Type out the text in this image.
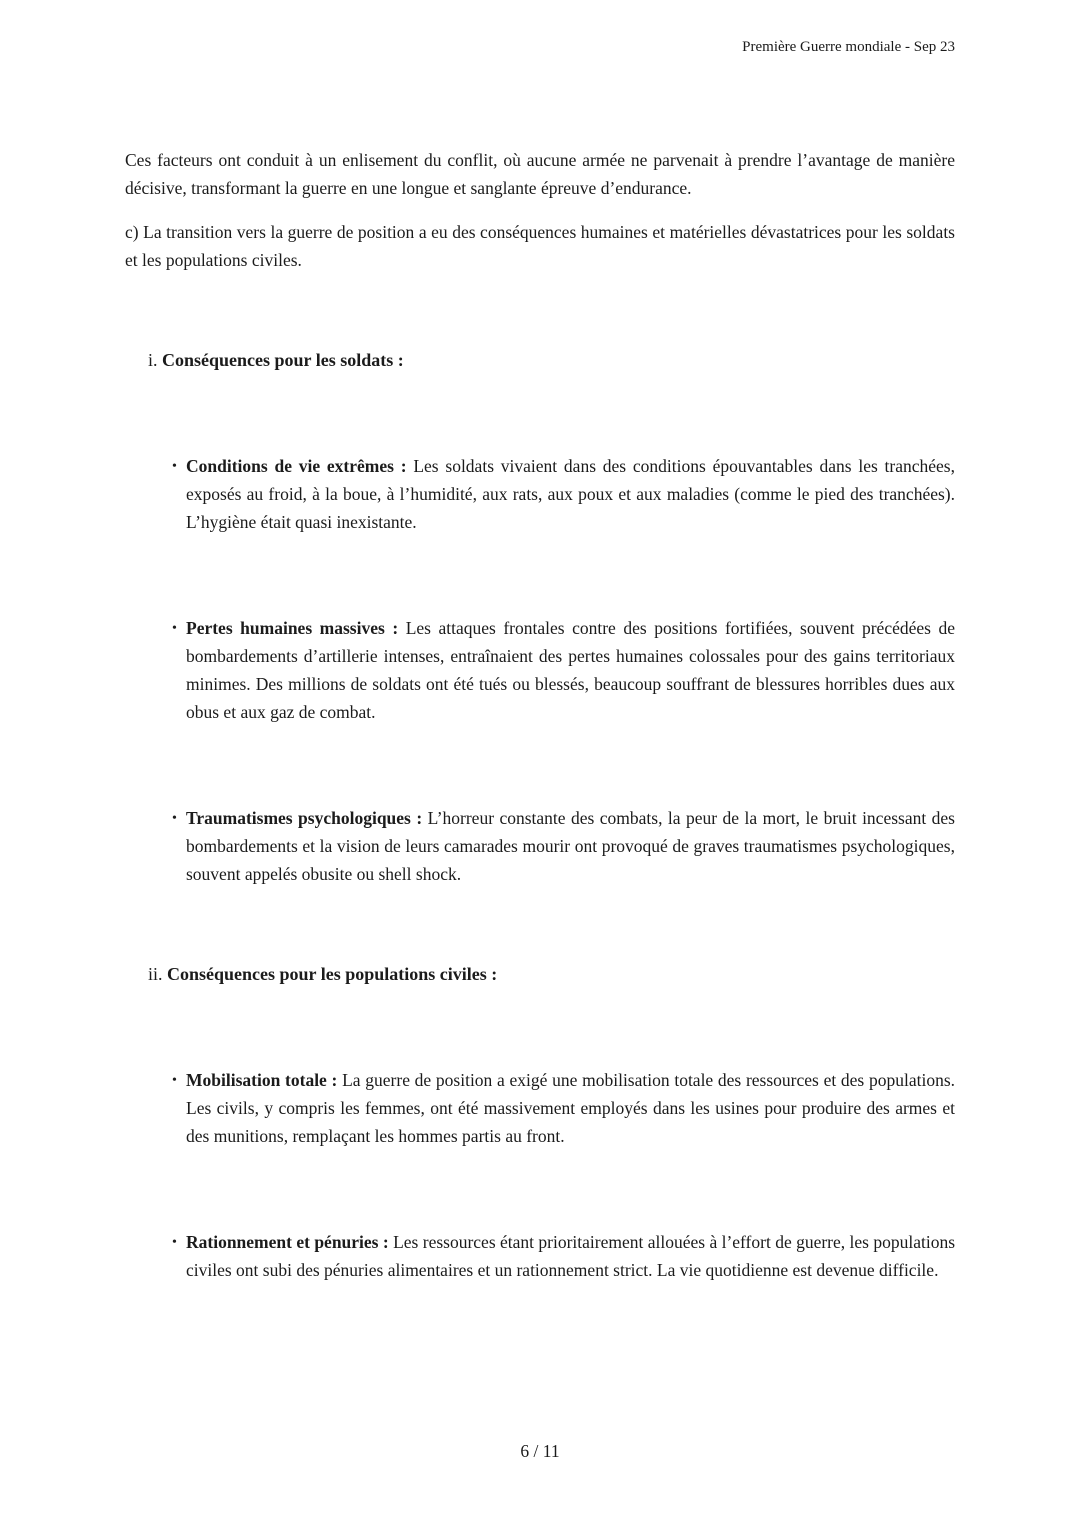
Première Guerre mondiale - Sep 23

Ces facteurs ont conduit à un enlisement du conflit, où aucune armée ne parvenait à prendre l’avantage de manière décisive, transformant la guerre en une longue et sanglante épreuve d’endurance.

c) La transition vers la guerre de position a eu des conséquences humaines et matérielles dévastatrices pour les soldats et les populations civiles.

i. Conséquences pour les soldats :
• Conditions de vie extrêmes : Les soldats vivaient dans des conditions épouvantables dans les tranchées, exposés au froid, à la boue, à l’humidité, aux rats, aux poux et aux maladies (comme le pied des tranchées). L’hygiène était quasi inexistante.
• Pertes humaines massives : Les attaques frontales contre des positions fortifiées, souvent précédées de bombardements d’artillerie intenses, entraînaient des pertes humaines colossales pour des gains territoriaux minimes. Des millions de soldats ont été tués ou blessés, beaucoup souffrant de blessures horribles dues aux obus et aux gaz de combat.
• Traumatismes psychologiques : L’horreur constante des combats, la peur de la mort, le bruit incessant des bombardements et la vision de leurs camarades mourir ont provoqué de graves traumatismes psychologiques, souvent appelés obusite ou shell shock.
ii. Conséquences pour les populations civiles :
• Mobilisation totale : La guerre de position a exigé une mobilisation totale des ressources et des populations. Les civils, y compris les femmes, ont été massivement employés dans les usines pour produire des armes et des munitions, remplaçant les hommes partis au front.
• Rationnement et pénuries : Les ressources étant prioritairement allouées à l’effort de guerre, les populations civiles ont subi des pénuries alimentaires et un rationnement strict. La vie quotidienne est devenue difficile.
6 / 11
